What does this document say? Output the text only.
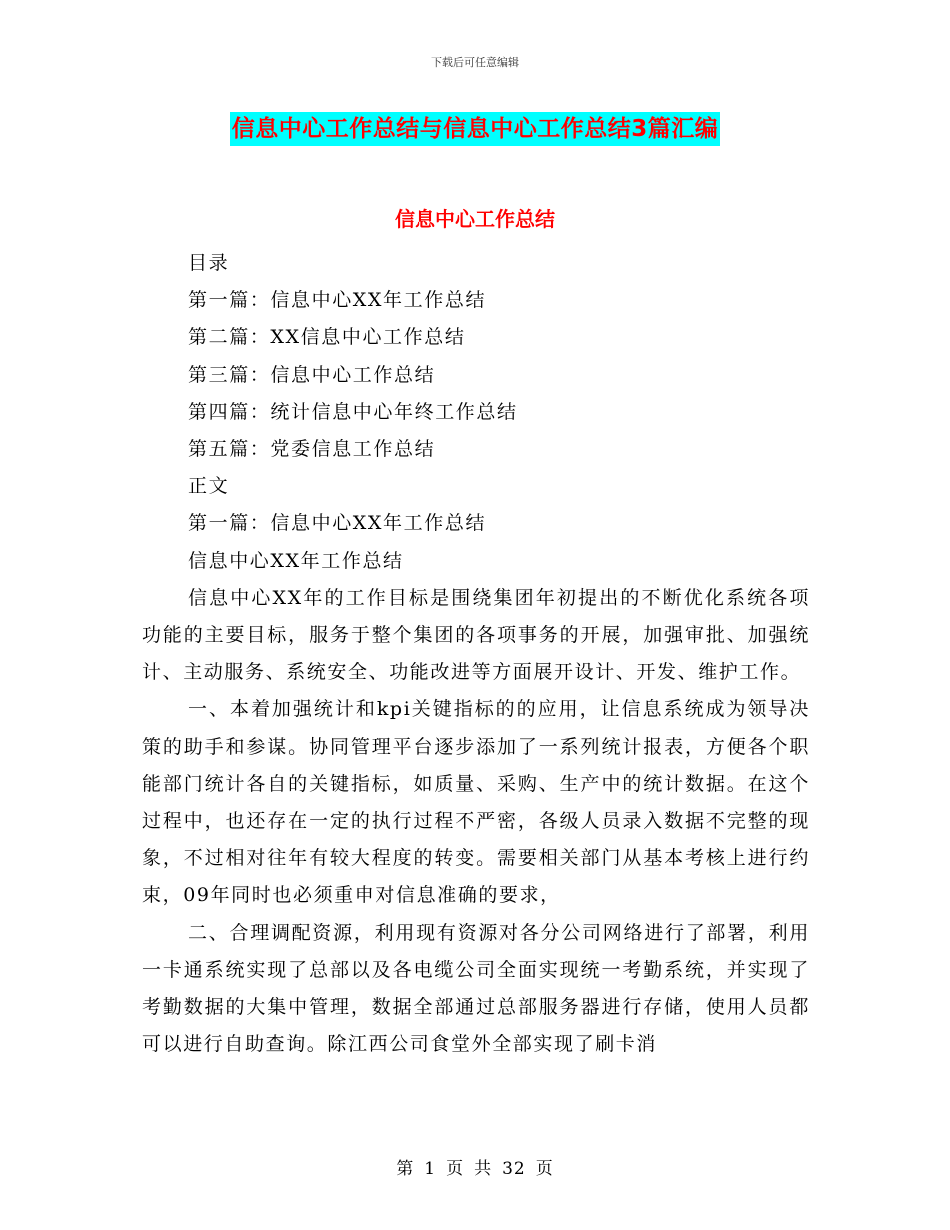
下载后可任意编辑
信息中心工作总结与信息中心工作总结3篇汇编
信息中心工作总结
目录
第一篇：信息中心XX年工作总结
第二篇：XX信息中心工作总结
第三篇：信息中心工作总结
第四篇：统计信息中心年终工作总结
第五篇：党委信息工作总结
正文
第一篇：信息中心XX年工作总结
信息中心XX年工作总结

信息中心XX年的工作目标是围绕集团年初提出的不断优化系统各项功能的主要目标，服务于整个集团的各项事务的开展，加强审批、加强统计、主动服务、系统安全、功能改进等方面展开设计、开发、维护工作。

一、本着加强统计和kpi关键指标的的应用，让信息系统成为领导决策的助手和参谋。协同管理平台逐步添加了一系列统计报表，方便各个职能部门统计各自的关键指标，如质量、采购、生产中的统计数据。在这个过程中，也还存在一定的执行过程不严密，各级人员录入数据不完整的现象，不过相对往年有较大程度的转变。需要相关部门从基本考核上进行约束，09年同时也必须重申对信息准确的要求，

二、合理调配资源，利用现有资源对各分公司网络进行了部署，利用一卡通系统实现了总部以及各电缆公司全面实现统一考勤系统，并实现了考勤数据的大集中管理，数据全部通过总部服务器进行存储，使用人员都可以进行自助查询。除江西公司食堂外全部实现了刷卡消

第 1 页 共 32 页
